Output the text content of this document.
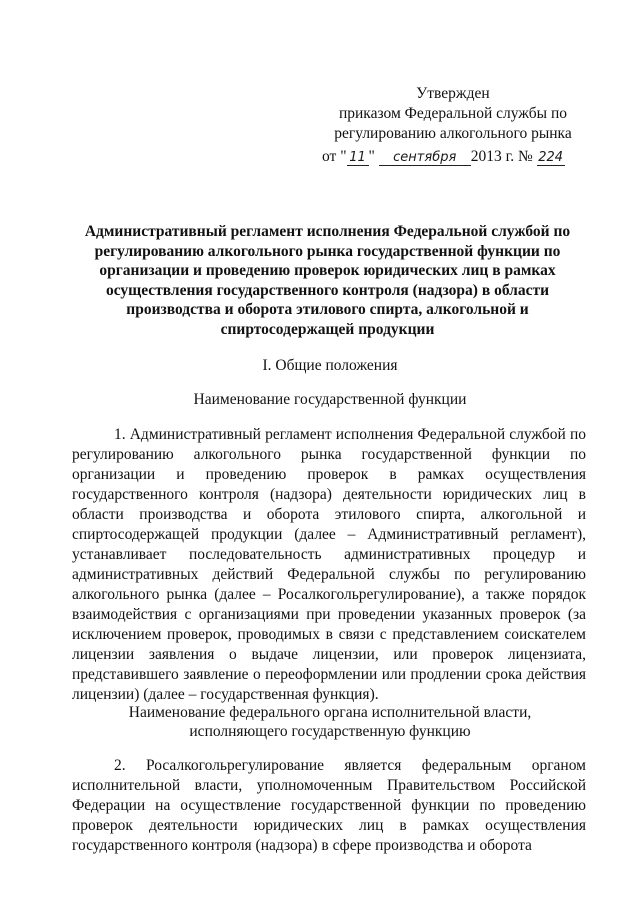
Утвержден
приказом Федеральной службы по
регулированию алкогольного рынка
от " 11 " сентября 2013 г. № 224
Административный регламент исполнения Федеральной службой по регулированию алкогольного рынка государственной функции по организации и проведению проверок юридических лиц в рамках осуществления государственного контроля (надзора) в области производства и оборота этилового спирта, алкогольной и спиртосодержащей продукции
I. Общие положения
Наименование государственной функции
1. Административный регламент исполнения Федеральной службой по регулированию алкогольного рынка государственной функции по организации и проведению проверок в рамках осуществления государственного контроля (надзора) деятельности юридических лиц в области производства и оборота этилового спирта, алкогольной и спиртосодержащей продукции (далее – Административный регламент), устанавливает последовательность административных процедур и административных действий Федеральной службы по регулированию алкогольного рынка (далее – Росалкогольрегулирование), а также порядок взаимодействия с организациями при проведении указанных проверок (за исключением проверок, проводимых в связи с представлением соискателем лицензии заявления о выдаче лицензии, или проверок лицензиата, представившего заявление о переоформлении или продлении срока действия лицензии) (далее – государственная функция).
Наименование федерального органа исполнительной власти,
исполняющего государственную функцию
2. Росалкогольрегулирование является федеральным органом исполнительной власти, уполномоченным Правительством Российской Федерации на осуществление государственной функции по проведению проверок деятельности юридических лиц в рамках осуществления государственного контроля (надзора) в сфере производства и оборота
